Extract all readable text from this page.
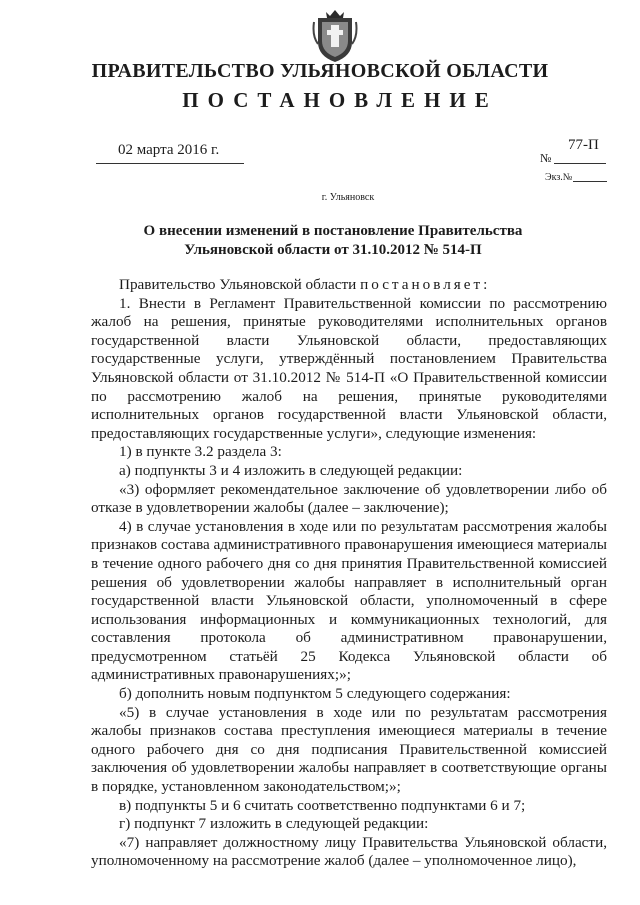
ПРАВИТЕЛЬСТВО УЛЬЯНОВСКОЙ ОБЛАСТИ
ПОСТАНОВЛЕНИЕ
02 марта 2016 г.	77-П
№
Экз.№
г. Ульяновск
О внесении изменений в постановление Правительства
Ульяновской области от 31.10.2012 № 514-П

Правительство Ульяновской области постановляет:

1. Внести в Регламент Правительственной комиссии по рассмотрению жалоб на решения, принятые руководителями исполнительных органов государственной власти Ульяновской области, предоставляющих государственные услуги, утверждённый постановлением Правительства Ульяновской области от 31.10.2012 № 514-П «О Правительственной комиссии по рассмотрению жалоб на решения, принятые руководителями исполнительных органов государственной власти Ульяновской области, предоставляющих государственные услуги», следующие изменения:

1) в пункте 3.2 раздела 3:

а) подпункты 3 и 4 изложить в следующей редакции:

«3) оформляет рекомендательное заключение об удовлетворении либо об отказе в удовлетворении жалобы (далее – заключение);

4) в случае установления в ходе или по результатам рассмотрения жалобы признаков состава административного правонарушения имеющиеся материалы в течение одного рабочего дня со дня принятия Правительственной комиссией решения об удовлетворении жалобы направляет в исполнительный орган государственной власти Ульяновской области, уполномоченный в сфере использования информационных и коммуникационных технологий, для составления протокола об административном правонарушении, предусмотренном статьёй 25 Кодекса Ульяновской области об административных правонарушениях;»;

б) дополнить новым подпунктом 5 следующего содержания:

«5) в случае установления в ходе или по результатам рассмотрения жалобы признаков состава преступления имеющиеся материалы в течение одного рабочего дня со дня подписания Правительственной комиссией заключения об удовлетворении жалобы направляет в соответствующие органы в порядке, установленном законодательством;»;

в) подпункты 5 и 6 считать соответственно подпунктами 6 и 7;

г) подпункт 7 изложить в следующей редакции:

«7) направляет должностному лицу Правительства Ульяновской области, уполномоченному на рассмотрение жалоб (далее – уполномоченное лицо),
